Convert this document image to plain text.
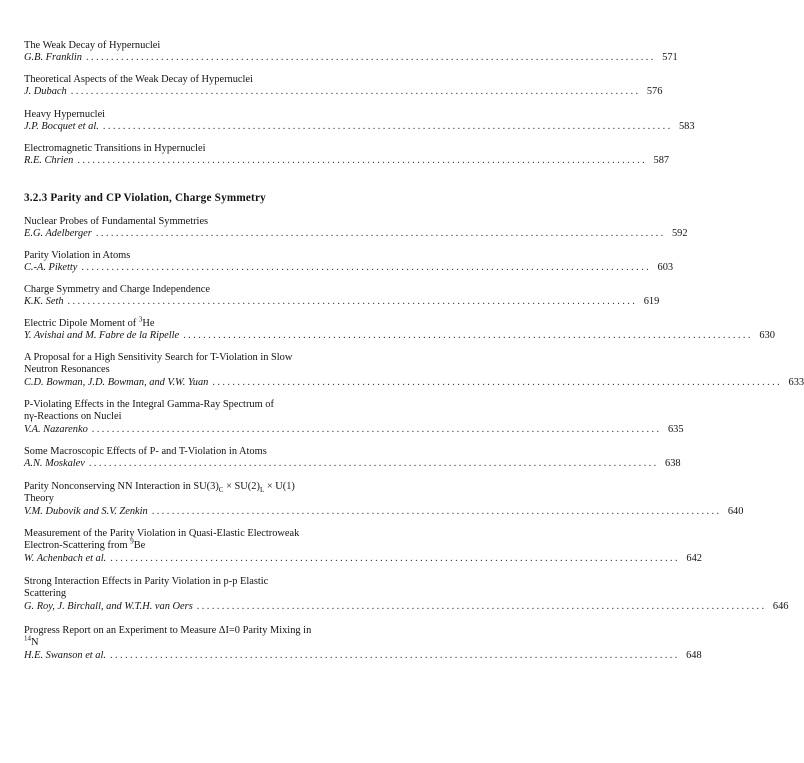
The Weak Decay of Hypernuclei
G.B. Franklin .................................................................................................................. 571
Theoretical Aspects of the Weak Decay of Hypernuclei
J. Dubach .................................................................................................................. 576
Heavy Hypernuclei
J.P. Bocquet et al. .................................................................................................................. 583
Electromagnetic Transitions in Hypernuclei
R.E. Chrien .................................................................................................................. 587
3.2.3 Parity and CP Violation, Charge Symmetry
Nuclear Probes of Fundamental Symmetries
E.G. Adelberger .................................................................................................................. 592
Parity Violation in Atoms
C.-A. Piketty .................................................................................................................. 603
Charge Symmetry and Charge Independence
K.K. Seth .................................................................................................................. 619
Electric Dipole Moment of $^3$He
Y. Avishai and M. Fabre de la Ripelle .................................................................................................................. 630
A Proposal for a High Sensitivity Search for T-Violation in Slow
Neutron Resonances
C.D. Bowman, J.D. Bowman, and V.W. Yuan .................................................................................................................. 633
P-Violating Effects in the Integral Gamma-Ray Spectrum of
nγ-Reactions on Nuclei
V.A. Nazarenko .................................................................................................................. 635
Some Macroscopic Effects of P- and T-Violation in Atoms
A.N. Moskalev .................................................................................................................. 638
Parity Nonconserving NN Interaction in $SU(3)_C \times SU(2)_L \times U(1)$
Theory
V.M. Dubovik and S.V. Zenkin .................................................................................................................. 640
Measurement of the Parity Violation in Quasi-Elastic Electroweak
Electron-Scattering from $^9$Be
W. Achenbach et al. .................................................................................................................. 642
Strong Interaction Effects in Parity Violation in p-p Elastic
Scattering
G. Roy, J. Birchall, and W.T.H. van Oers .................................................................................................................. 646
Progress Report on an Experiment to Measure ΔI=0 Parity Mixing in
$^{14}$N
H.E. Swanson et al. .................................................................................................................. 648
